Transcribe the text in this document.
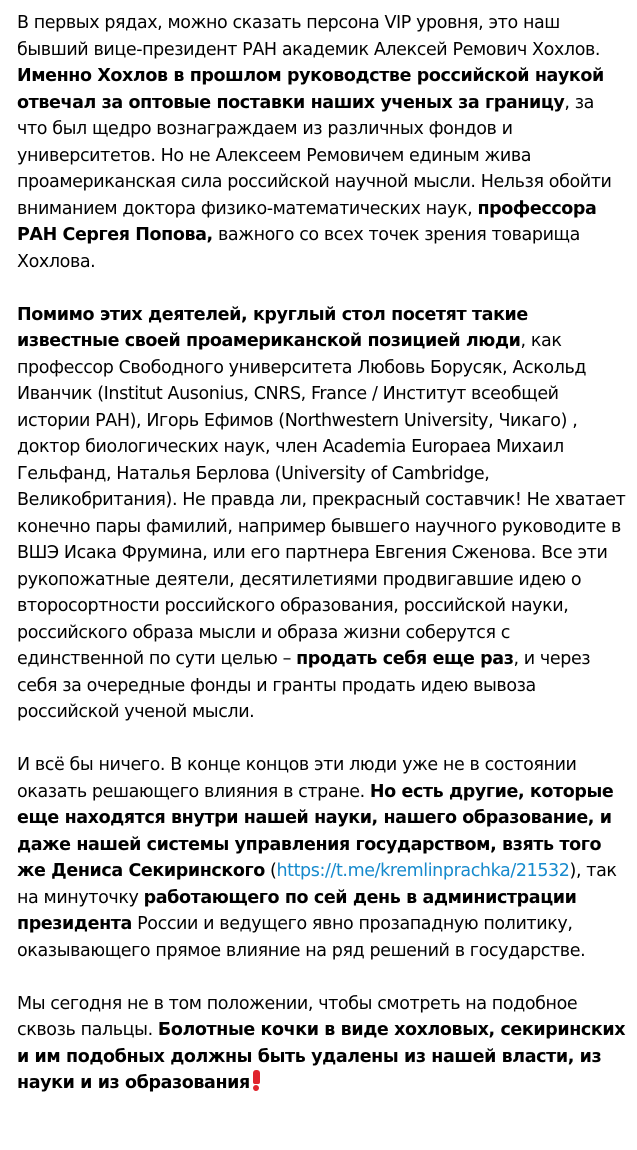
В первых рядах, можно сказать персона VIP уровня, это наш бывший вице-президент РАН академик Алексей Ремович Хохлов.

Именно Хохлов в прошлом руководстве российской наукой отвечал за оптовые поставки наших ученых за границу, за что был щедро вознаграждаем из различных фондов и университетов. Но не Алексеем Ремовичем единым жива проамериканская сила российской научной мысли. Нельзя обойти вниманием доктора физико-математических наук, профессора РАН Сергея Попова, важного со всех точек зрения товарища Хохлова.

Помимо этих деятелей, круглый стол посетят такие известные своей проамериканской позицией люди, как профессор Свободного университета Любовь Борусяк, Аскольд Иванчик (Institut Ausonius, CNRS, France / Институт всеобщей истории РАН), Игорь Ефимов (Northwestern University, Чикаго) , доктор биологических наук, член Academia Europaea Михаил Гельфанд, Наталья Берлова (University of Cambridge, Великобритания). Не правда ли, прекрасный составчик! Не хватает конечно пары фамилий, например бывшего научного руководите в ВШЭ Исака Фрумина, или его партнера Евгения Сженова. Все эти рукопожатные деятели, десятилетиями продвигавшие идею о второсортности российского образования, российской науки, российского образа мысли и образа жизни соберутся с единственной по сути целью – продать себя еще раз, и через себя за очередные фонды и гранты продать идею вывоза российской ученой мысли.

И всё бы ничего. В конце концов эти люди уже не в состоянии оказать решающего влияния в стране. Но есть другие, которые еще находятся внутри нашей науки, нашего образование, и даже нашей системы управления государством, взять того же Дениса Секиринского (https://t.me/kremlinprachka/21532), так на минуточку работающего по сей день в администрации президента России и ведущего явно прозападную политику, оказывающего прямое влияние на ряд решений в государстве.

Мы сегодня не в том положении, чтобы смотреть на подобное сквозь пальцы. Болотные кочки в виде хохловых, секиринских и им подобных должны быть удалены из нашей власти, из науки и из образования
